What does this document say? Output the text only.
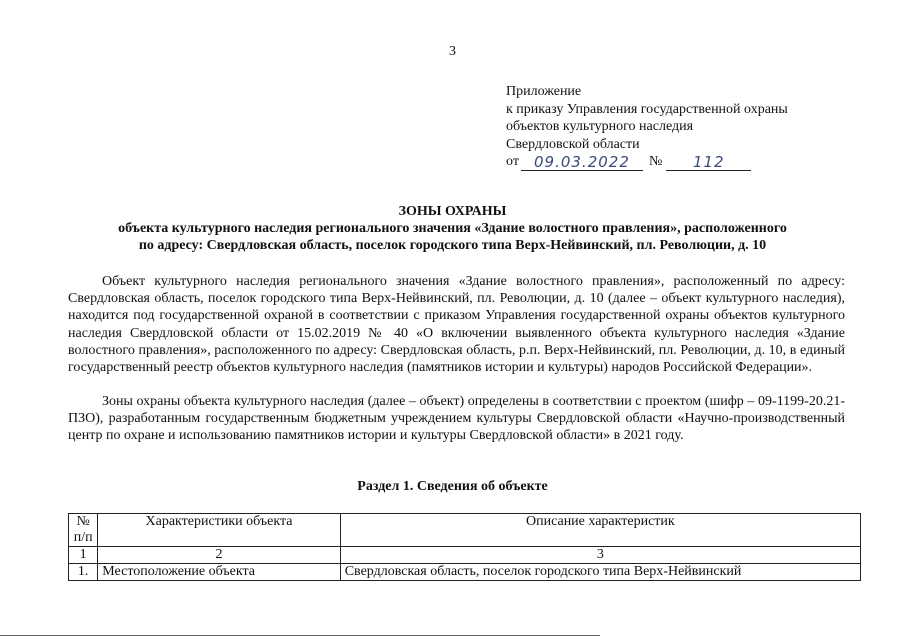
3
Приложение
к приказу Управления государственной охраны
объектов культурного наследия
Свердловской области
от	09.03.2022	№	112
ЗОНЫ ОХРАНЫ
объекта культурного наследия регионального значения «Здание волостного правления», расположенного
по адресу: Свердловская область, поселок городского типа Верх-Нейвинский, пл. Революции, д. 10

Объект культурного наследия регионального значения «Здание волостного правления», расположенный по адресу: Свердловская область, поселок городского типа Верх-Нейвинский, пл. Революции, д. 10 (далее – объект культурного наследия), находится под государственной охраной в соответствии с приказом Управления государственной охраны объектов культурного наследия Свердловской области от 15.02.2019 № 40 «О включении выявленного объекта культурного наследия «Здание волостного правления», расположенного по адресу: Свердловская область, р.п. Верх-Нейвинский, пл. Революции, д. 10, в единый государственный реестр объектов культурного наследия (памятников истории и культуры) народов Российской Федерации».

Зоны охраны объекта культурного наследия (далее – объект) определены в соответствии с проектом (шифр – 09-1199-20.21-ПЗО), разработанным государственным бюджетным учреждением культуры Свердловской области «Научно-производственный центр по охране и использованию памятников истории и культуры Свердловской области» в 2021 году.

Раздел 1. Сведения об объекте
№ п/п	Характеристики объекта	Описание характеристик
1	2	3
1.	Местоположение объекта	Свердловская область, поселок городского типа Верх-Нейвинский
